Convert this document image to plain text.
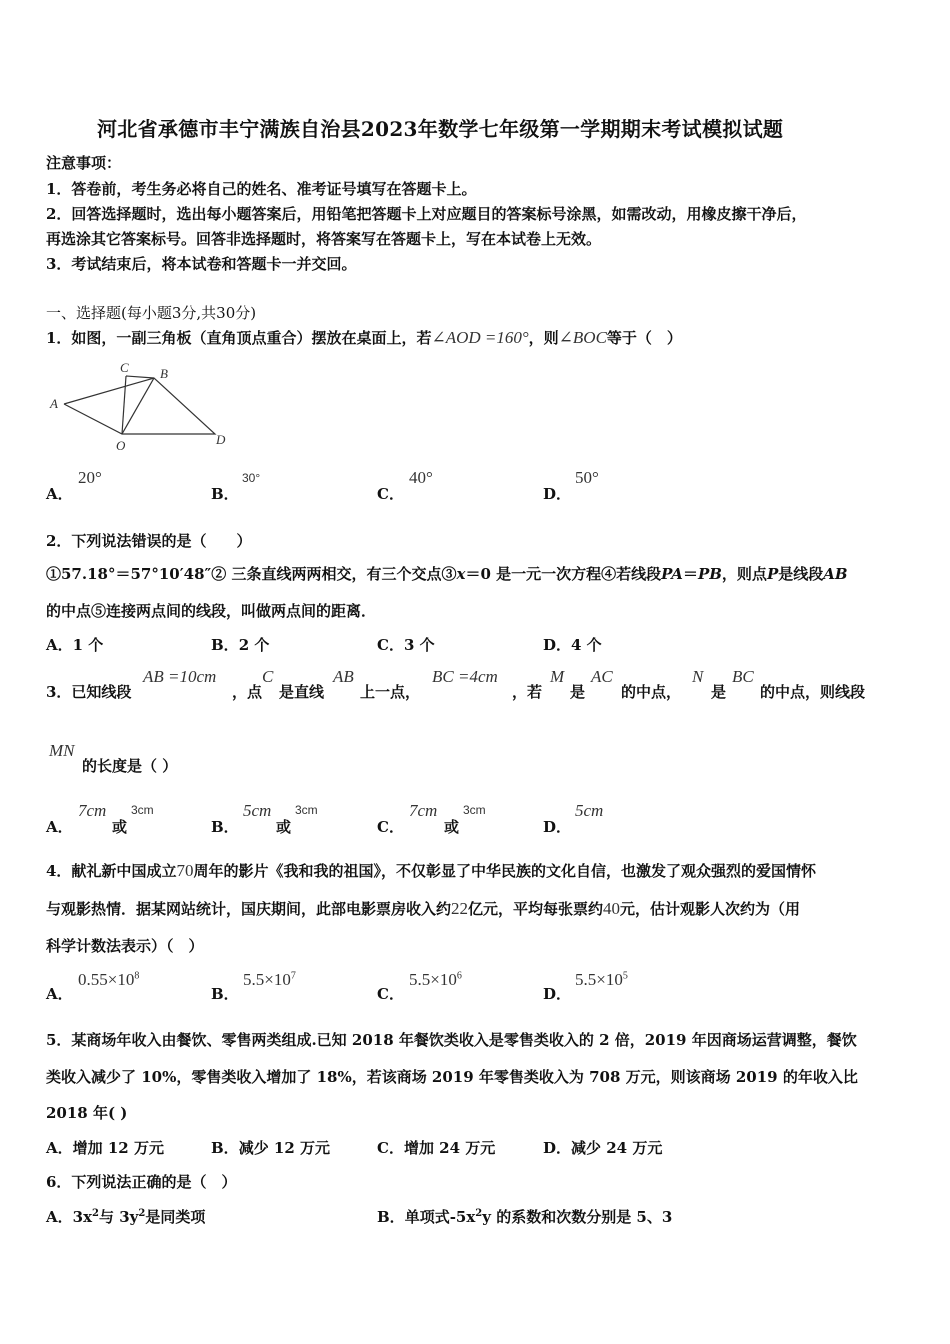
河北省承德市丰宁满族自治县2023年数学七年级第一学期期末考试模拟试题
注意事项：
1．答卷前，考生务必将自己的姓名、准考证号填写在答题卡上。
2．回答选择题时，选出每小题答案后，用铅笔把答题卡上对应题目的答案标号涂黑，如需改动，用橡皮擦干净后，
再选涂其它答案标号。回答非选择题时，将答案写在答题卡上，写在本试卷上无效。
3．考试结束后，将本试卷和答题卡一并交回。
一、选择题(每小题3分,共30分)
1．如图，一副三角板（直角顶点重合）摆放在桌面上，若∠AOD =160°，则∠BOC等于（　）
A
C B
O	D
A．
20°
B．
30°
C．
40°
D．
50°
2．下列说法错误的是（　　）
①57.18°＝57°10′48″② 三条直线两两相交，有三个交点③x＝0 是一元一次方程④若线段PA＝PB，则点P是线段AB
的中点⑤连接两点间的线段，叫做两点间的距离．
A．1 个	B．2 个	C．3 个	D．4 个
3．已知线段
AB =10cm
，点
C
是直线
AB
上一点，
BC =4cm
，若
M
是
AC
的中点，
N
是
BC
的中点，则线段
MN
的长度是（ ）
A．
7cm
或
3cm
B．
5cm
或
3cm
C．
7cm
或
3cm
D．
5cm
4．献礼新中国成立70周年的影片《我和我的祖国》，不仅彰显了中华民族的文化自信，也激发了观众强烈的爱国情怀
与观影热情．据某网站统计，国庆期间，此部电影票房收入约22亿元，平均每张票约40元，估计观影人次约为（用
科学计数法表示）（　）
A．
$0.55\times 10^8$
B．
$5.5\times 10^7$
C．
$5.5\times 10^6$
D．
$5.5\times 10^5$
5．某商场年收入由餐饮、零售两类组成.已知 2018 年餐饮类收入是零售类收入的 2 倍，2019 年因商场运营调整，餐饮
类收入减少了 10%，零售类收入增加了 18%，若该商场 2019 年零售类收入为 708 万元，则该商场 2019 的年收入比
2018 年( )
A．增加 12 万元	B．减少 12 万元	C．增加 24 万元	D．减少 24 万元
6．下列说法正确的是（　）
A．$3x^2$与 $3y^2$是同类项	B．单项式$-5x^2y$ 的系数和次数分别是 5、3
